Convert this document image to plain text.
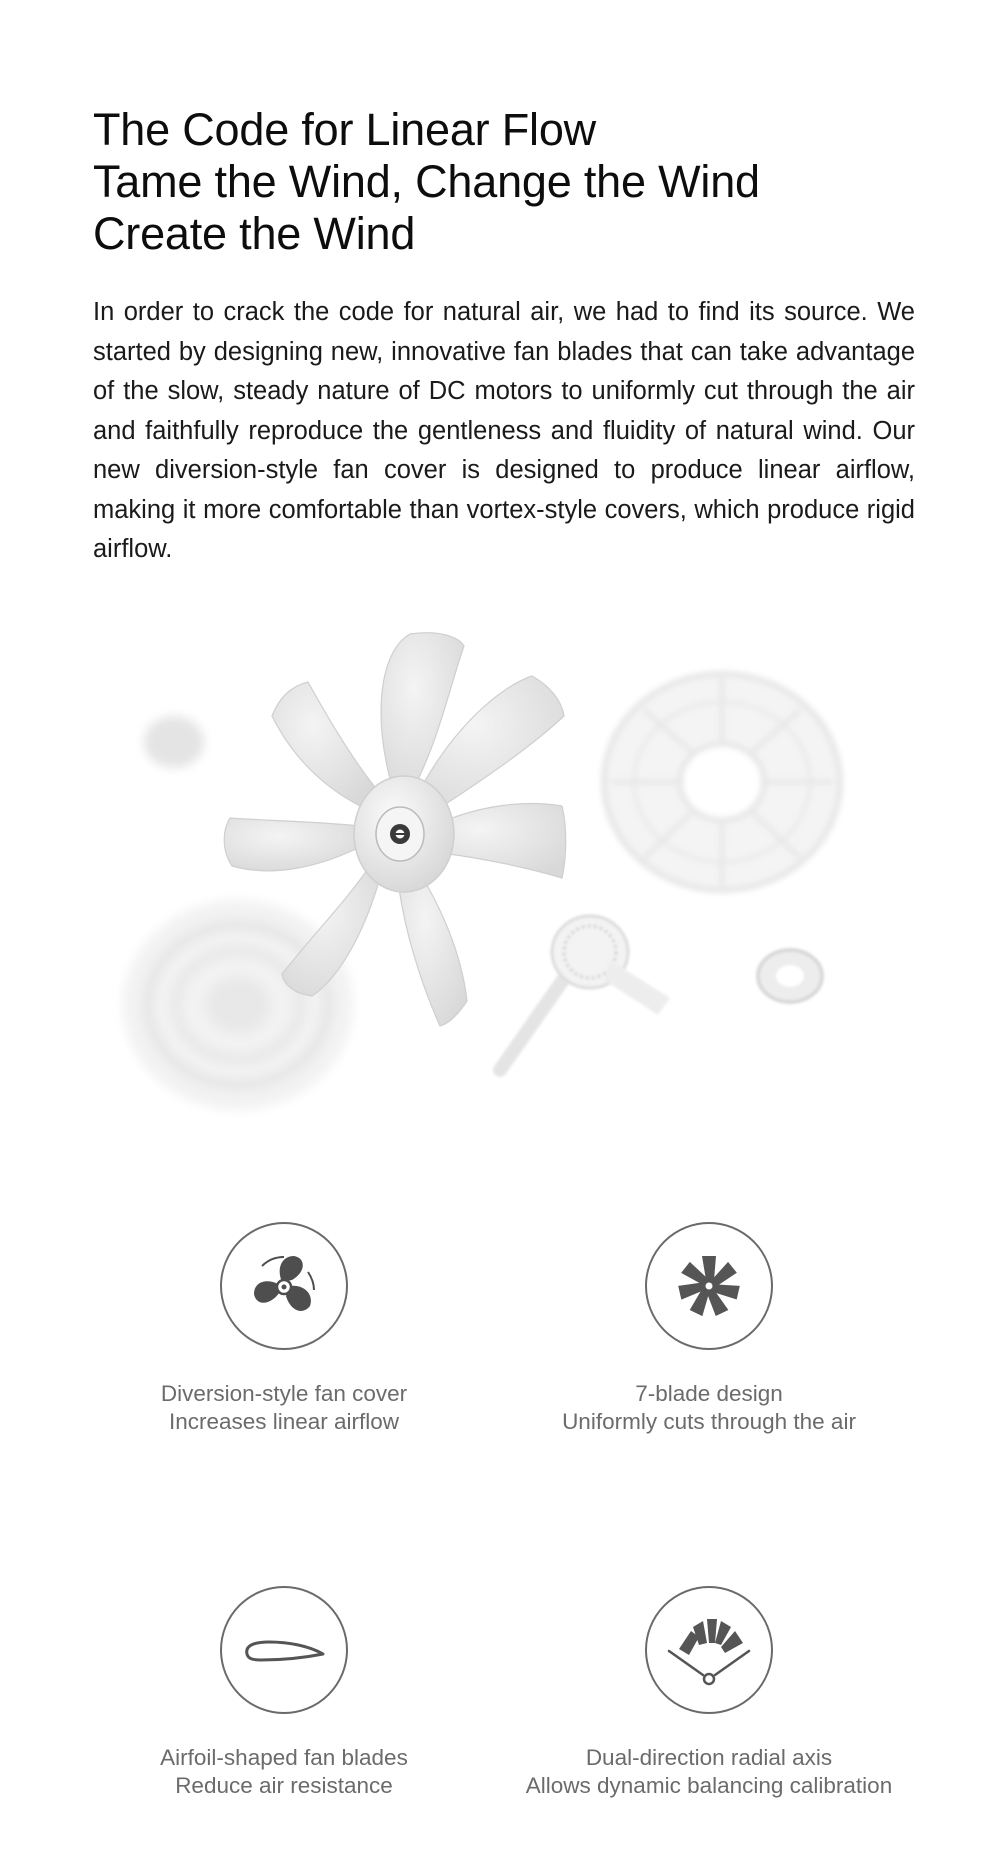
The Code for Linear Flow
Tame the Wind, Change the Wind
Create the Wind

In order to crack the code for natural air, we had to find its source. We started by designing new, innovative fan blades that can take advantage of the slow, steady nature of DC motors to uniformly cut through the air and faithfully reproduce the gentleness and fluidity of natural wind. Our new diversion-style fan cover is designed to produce linear airflow, making it more comfortable than vortex-style covers, which produce rigid airflow.

Diversion-style fan cover
Increases linear airflow
7-blade design
Uniformly cuts through the air
Airfoil-shaped fan blades
Reduce air resistance
Dual-direction radial axis
Allows dynamic balancing calibration
